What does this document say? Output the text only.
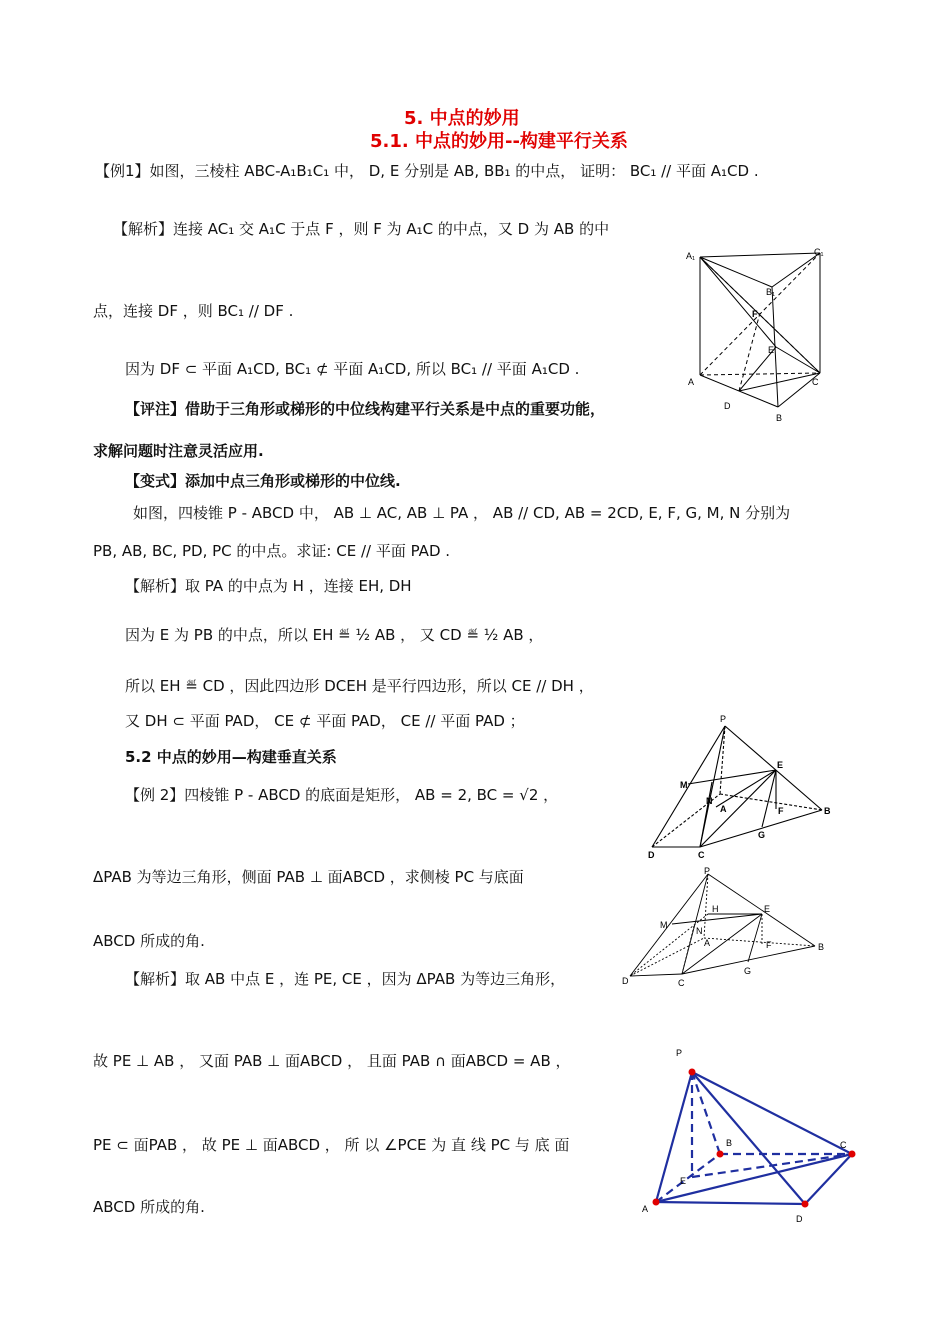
5. 中点的妙用
5.1. 中点的妙用--构建平行关系
【例1】如图，三棱柱 ABC-A₁B₁C₁ 中， D, E 分别是 AB, BB₁ 的中点， 证明： BC₁ // 平面 A₁CD .
【解析】连接 AC₁ 交 A₁C 于点 F ，则 F 为 A₁C 的中点，又 D 为 AB 的中
点，连接 DF ，则 BC₁ // DF .
因为 DF ⊂ 平面 A₁CD, BC₁ ⊄ 平面 A₁CD, 所以 BC₁ // 平面 A₁CD .
【评注】借助于三角形或梯形的中位线构建平行关系是中点的重要功能，
求解问题时注意灵活应用.
【变式】添加中点三角形或梯形的中位线.
如图，四棱锥 P - ABCD 中， AB ⊥ AC, AB ⊥ PA ， AB // CD, AB = 2CD, E, F, G, M, N 分别为
PB, AB, BC, PD, PC 的中点。求证: CE // 平面 PAD .
【解析】取 PA 的中点为 H ，连接 EH, DH
因为 E 为 PB 的中点，所以 EH ≝ ½ AB ， 又 CD ≝ ½ AB ，
所以 EH ≝ CD ，因此四边形 DCEH 是平行四边形，所以 CE // DH ，
又 DH ⊂ 平面 PAD， CE ⊄ 平面 PAD， CE // 平面 PAD ；
5.2 中点的妙用—构建垂直关系
【例 2】四棱锥 P - ABCD 的底面是矩形， AB = 2, BC = √2 ，
ΔPAB 为等边三角形，侧面 PAB ⊥ 面ABCD ，求侧棱 PC 与底面
ABCD 所成的角.
【解析】取 AB 中点 E ，连 PE, CE ，因为 ΔPAB 为等边三角形，
故 PE ⊥ AB ， 又面 PAB ⊥ 面ABCD ， 且面 PAB ∩ 面ABCD = AB ，
PE ⊂ 面PAB ， 故 PE ⊥ 面ABCD ， 所 以 ∠PCE 为 直 线 PC 与 底 面
ABCD 所成的角.
A₁	C₁
B₁
F
E
A	C
D
B
P
M
E
N
A	F
D	C
G
B
P
H
M
E
N
A	F
D	C
G
B
P
B	C
E
A
D
